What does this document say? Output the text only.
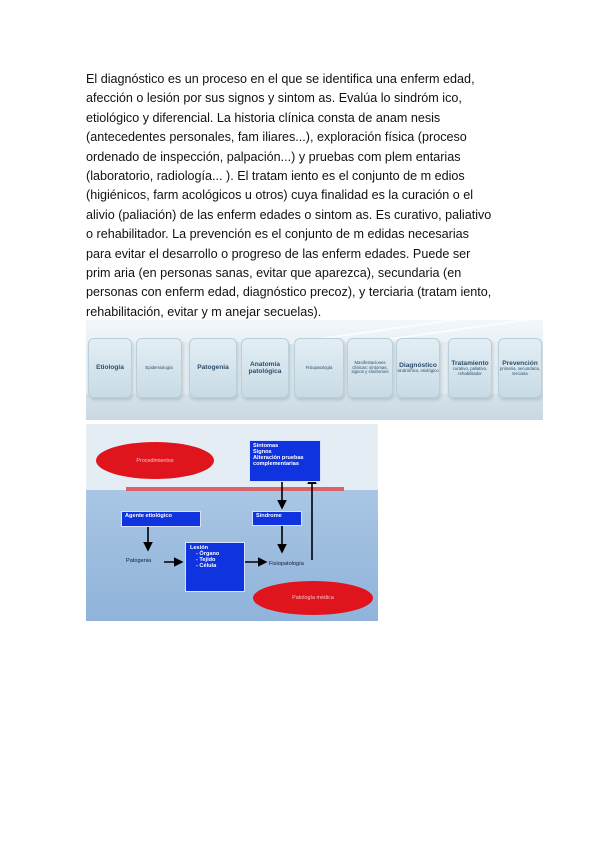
El diagnóstico es un proceso en el que se identifica una enferm edad,
afección o lesión por sus signos y sintom as. Evalúa lo sindróm ico,
etiológico y diferencial. La historia clínica consta de anam nesis
(antecedentes personales, fam iliares...), exploración física (proceso
ordenado de inspección, palpación...) y pruebas com plem entarias
(laboratorio, radiología... ). El tratam iento es el conjunto de m edios
(higiénicos, farm acológicos u otros) cuya finalidad es la curación o el
alivio (paliación) de las enferm edades o sintom as. Es curativo, paliativo
o rehabilitador. La prevención es el conjunto de m edidas necesarias
para evitar el desarrollo o progreso de las enferm edades. Puede ser
prim aria (en personas sanas, evitar que aparezca), secundaria (en
personas con enferm edad, diagnóstico precoz), y terciaria (tratam iento,
rehabilitación, evitar y m anejar secuelas).

Etiología	Epidemiología	Patogenia
Anatomía patológica
Fisiopatología
Manifestaciones clínicas: síntomas, signos y síndromes
Diagnóstico
sindrómico, etiológico
Tratamiento
curativo, paliativo, rehabilitador
Prevención
primaria, secundaria, terciaria
Procedimientos
Patología médica
Síntomas
Signos
Alteración pruebas
complementarias
Agente etiológico	Síndrome
Lesión
- Órgano
- Tejido
- Célula
Patogenia	Fisiopatología
